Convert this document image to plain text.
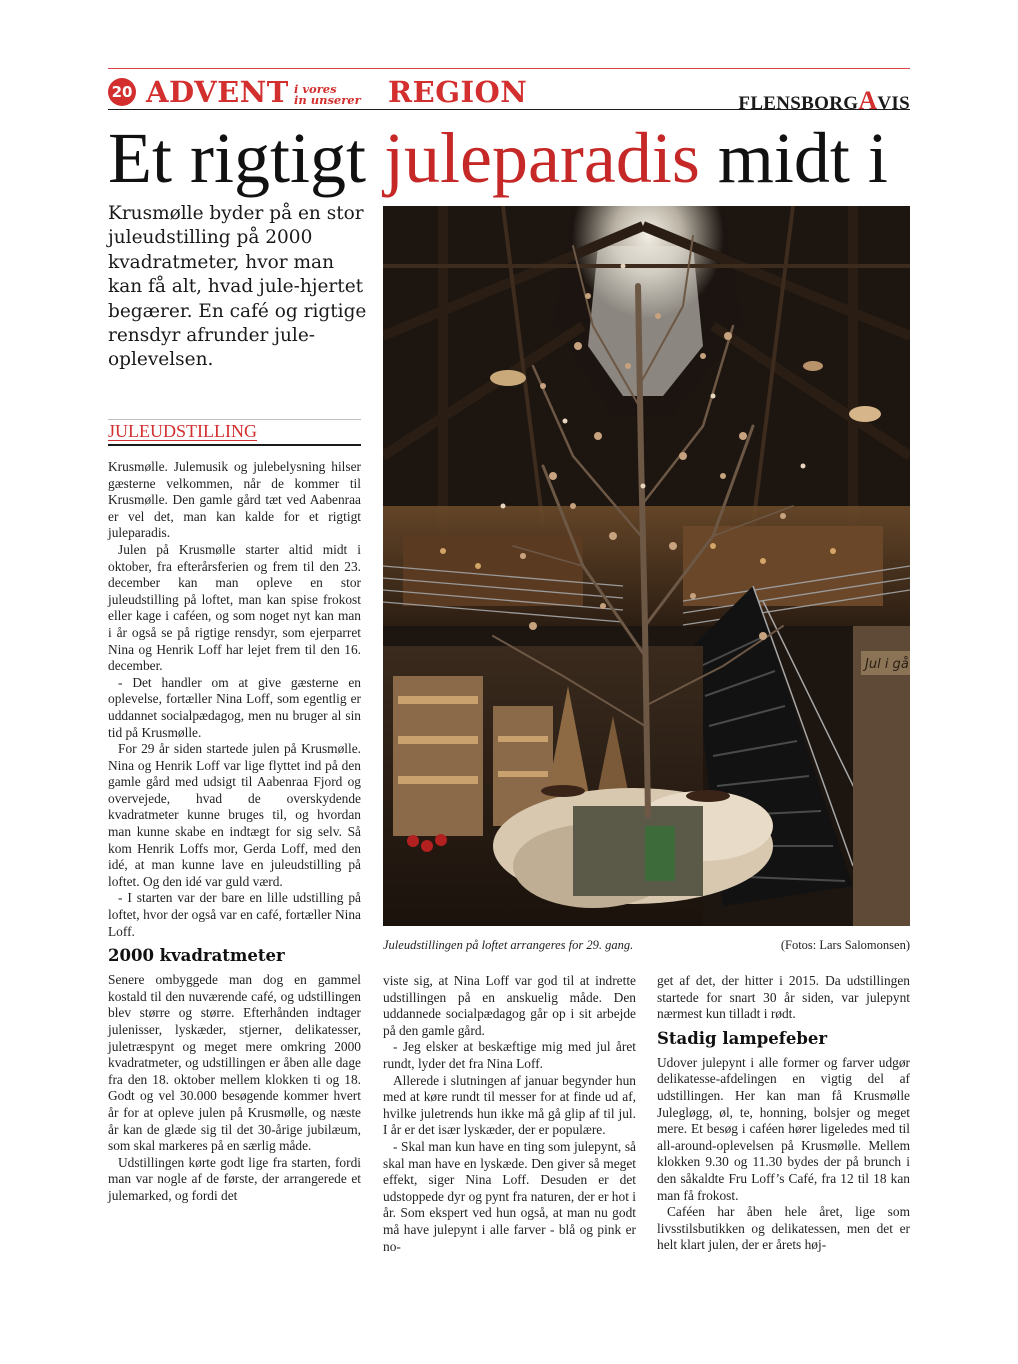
20 ADVENT i vores
in unserer REGION	FLENSBORGAVIS
Et rigtigt juleparadis midt i
Krusmølle byder på en stor juleudstilling på 2000 kvadratmeter, hvor man kan få alt, hvad jule-hjertet begærer. En café og rigtige rensdyr afrunder jule-oplevelsen.
JULEUDSTILLING

Krusmølle. Julemusik og julebelysning hilser gæsterne velkommen, når de kommer til Krusmølle. Den gamle gård tæt ved Aabenraa er vel det, man kan kalde for et rigtigt juleparadis.

Julen på Krusmølle starter altid midt i oktober, fra efterårsferien og frem til den 23. december kan man opleve en stor juleudstilling på loftet, man kan spise frokost eller kage i caféen, og som noget nyt kan man i år også se på rigtige rensdyr, som ejerparret Nina og Henrik Loff har lejet frem til den 16. december.

- Det handler om at give gæsterne en oplevelse, fortæller Nina Loff, som egentlig er uddannet socialpædagog, men nu bruger al sin tid på Krusmølle.

For 29 år siden startede julen på Krusmølle. Nina og Henrik Loff var lige flyttet ind på den gamle gård med udsigt til Aabenraa Fjord og overvejede, hvad de overskydende kvadratmeter kunne bruges til, og hvordan man kunne skabe en indtægt for sig selv. Så kom Henrik Loffs mor, Gerda Loff, med den idé, at man kunne lave en juleudstilling på loftet. Og den idé var guld værd.

- I starten var der bare en lille udstilling på loftet, hvor der også var en café, fortæller Nina Loff.

2000 kvadratmeter

Senere ombyggede man dog en gammel kostald til den nuværende café, og udstillingen blev større og større. Efterhånden indtager julenisser, lyskæder, stjerner, delikatesser, juletræspynt og meget mere omkring 2000 kvadratmeter, og udstillingen er åben alle dage fra den 18. oktober mellem klokken ti og 18. Godt og vel 30.000 besøgende kommer hvert år for at opleve julen på Krusmølle, og næste år kan de glæde sig til det 30-årige jubilæum, som skal markeres på en særlig måde.

Udstillingen kørte godt lige fra starten, fordi man var nogle af de første, der arrangerede et julemarked, og fordi det

Jul i gå
Juleudstillingen på loftet arrangeres for 29. gang.	(Fotos: Lars Salomonsen)

viste sig, at Nina Loff var god til at indrette udstillingen på en anskuelig måde. Den uddannede socialpædagog går op i sit arbejde på den gamle gård.

- Jeg elsker at beskæftige mig med jul året rundt, lyder det fra Nina Loff.

Allerede i slutningen af januar begynder hun med at køre rundt til messer for at finde ud af, hvilke juletrends hun ikke må gå glip af til jul. I år er det især lyskæder, der er populære.

- Skal man kun have en ting som julepynt, så skal man have en lyskæde. Den giver så meget effekt, siger Nina Loff. Desuden er det udstoppede dyr og pynt fra naturen, der er hot i år. Som ekspert ved hun også, at man nu godt må have julepynt i alle farver - blå og pink er no-

get af det, der hitter i 2015. Da udstillingen startede for snart 30 år siden, var julepynt nærmest kun tilladt i rødt.

Stadig lampefeber

Udover julepynt i alle former og farver udgør delikatesse-afdelingen en vigtig del af udstillingen. Her kan man få Krusmølle Julegløgg, øl, te, honning, bolsjer og meget mere. Et besøg i caféen hører ligeledes med til all-around-oplevelsen på Krusmølle. Mellem klokken 9.30 og 11.30 bydes der på brunch i den såkaldte Fru Loff’s Café, fra 12 til 18 kan man få frokost.

Caféen har åben hele året, lige som livsstilsbutikken og delikatessen, men det er helt klart julen, der er årets høj-
